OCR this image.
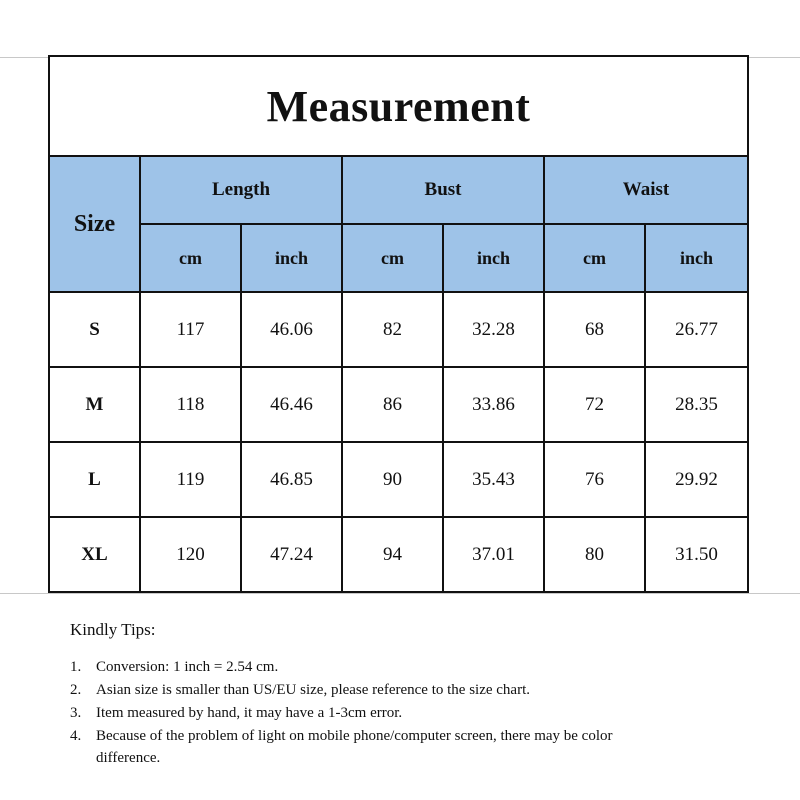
Measurement
Size	Length		Bust		Waist	
	cm	inch	cm	inch	cm	inch
S	117	46.06	82	32.28	68	26.77
M	118	46.46	86	33.86	72	28.35
L	119	46.85	90	35.43	76	29.92
XL	120	47.24	94	37.01	80	31.50
Kindly Tips:
1. Conversion: 1 inch = 2.54 cm.
2. Asian size is smaller than US/EU size, please reference to the size chart.
3. Item measured by hand, it may have a 1-3cm error.
4. Because of the problem of light on mobile phone/computer screen, there may be color difference.
